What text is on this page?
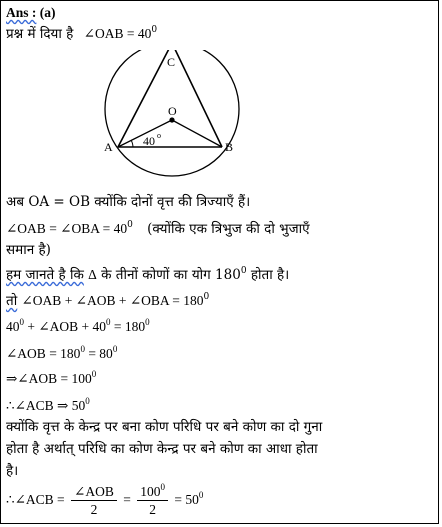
Ans : (a)
प्रश्न में दिया है ∠OAB = $40^0$
C
O
A	B
40 o
अब OA = OB क्योंकि दोनों वृत्त की त्रिज्याएँ हैं।
∠OAB = ∠OBA = $40^0$ (क्योंकि एक त्रिभुज की दो भुजाएँ
समान है)
हम जानते है कि Δ के तीनों कोणों का योग $180^0$ होता है।
तो ∠OAB + ∠AOB + ∠OBA = $180^0$
$40^0$ + ∠AOB + $40^0 = 180^0$
∠AOB = $180^0 = 80^0$
⇒∠AOB = $100^0$
∴∠ACB ⇒ $50^0$
क्योंकि वृत्त के केन्द्र पर बना कोण परिधि पर बने कोण का दो गुना
होता है अर्थात् परिधि का कोण केन्द्र पर बने कोण का आधा होता
है।
∴∠ACB = $\frac{\text{∠AOB}}{2} = \frac{100^0}{2} = 50^0$
